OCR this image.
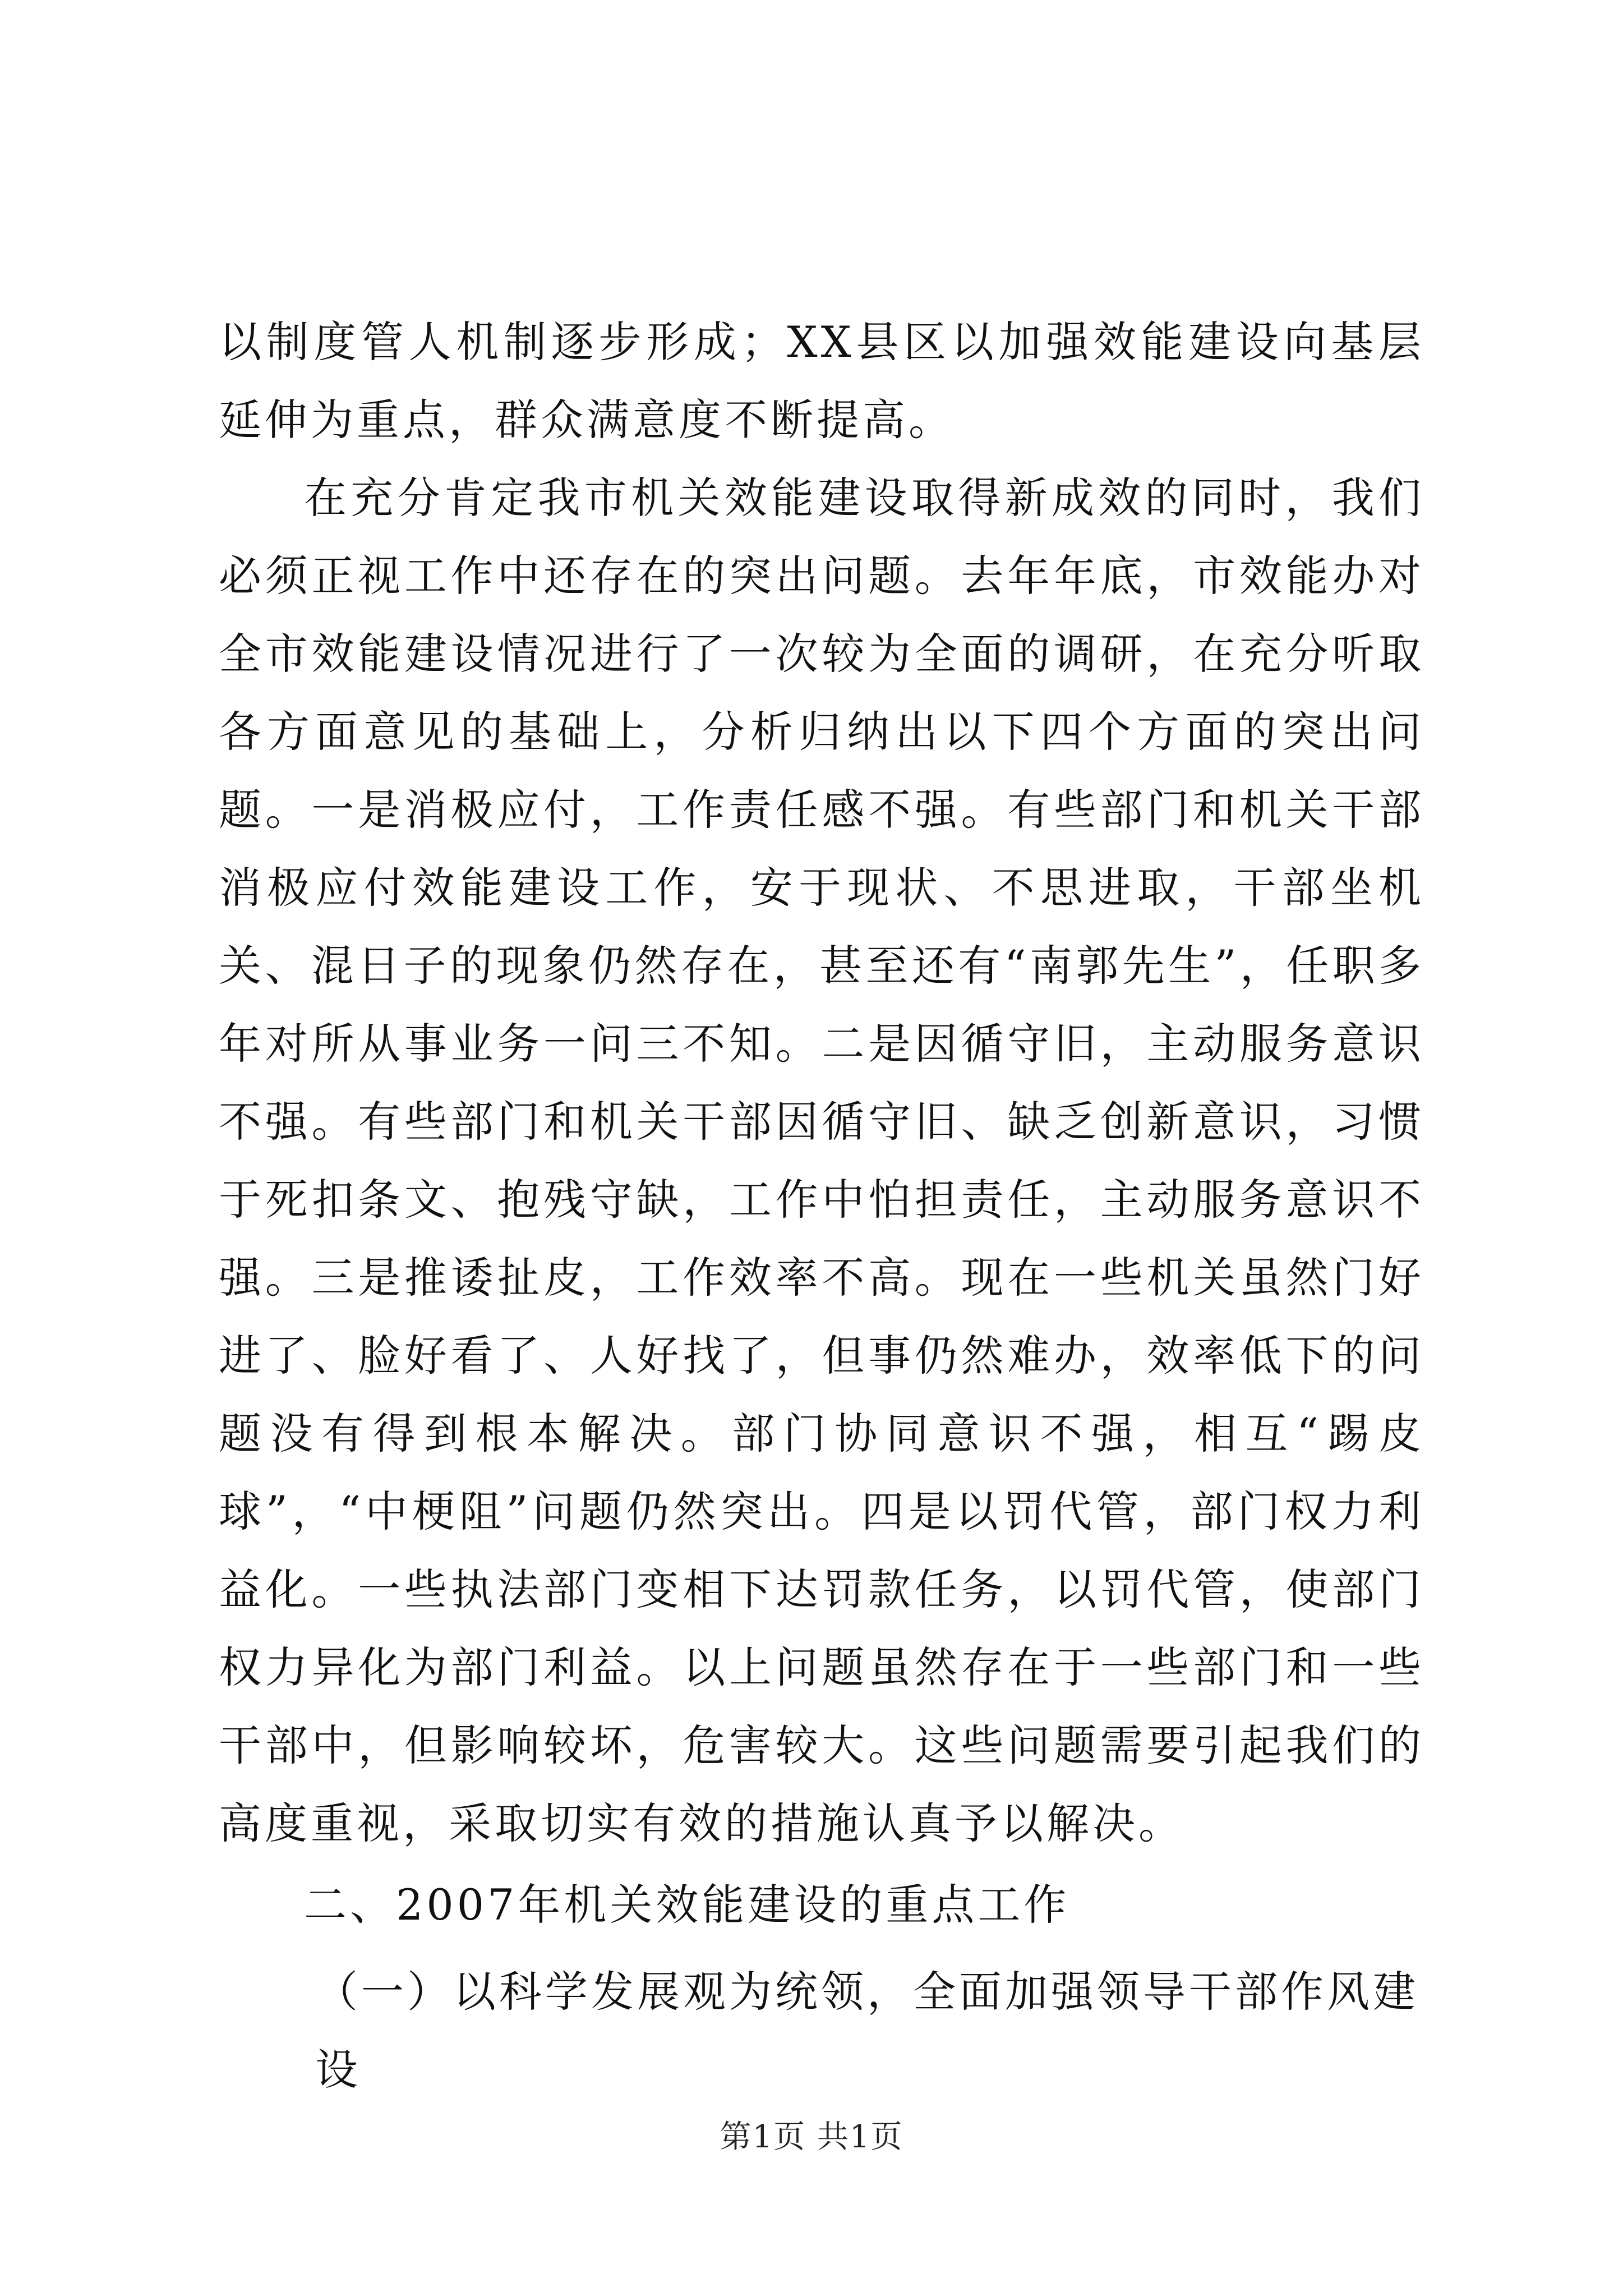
以制度管人机制逐步形成；XX县区以加强效能建设向基层延伸为重点，群众满意度不断提高。

在充分肯定我市机关效能建设取得新成效的同时，我们必须正视工作中还存在的突出问题。去年年底，市效能办对全市效能建设情况进行了一次较为全面的调研，在充分听取各方面意见的基础上，分析归纳出以下四个方面的突出问题。一是消极应付，工作责任感不强。有些部门和机关干部消极应付效能建设工作，安于现状、不思进取，干部坐机关、混日子的现象仍然存在，甚至还有“南郭先生”，任职多年对所从事业务一问三不知。二是因循守旧，主动服务意识不强。有些部门和机关干部因循守旧、缺乏创新意识，习惯于死扣条文、抱残守缺，工作中怕担责任，主动服务意识不强。三是推诿扯皮，工作效率不高。现在一些机关虽然门好进了、脸好看了、人好找了，但事仍然难办，效率低下的问题没有得到根本解决。部门协同意识不强，相互“踢皮球”，“中梗阻”问题仍然突出。四是以罚代管，部门权力利益化。一些执法部门变相下达罚款任务，以罚代管，使部门权力异化为部门利益。以上问题虽然存在于一些部门和一些干部中，但影响较坏，危害较大。这些问题需要引起我们的高度重视，采取切实有效的措施认真予以解决。

二、2007年机关效能建设的重点工作

（一）以科学发展观为统领，全面加强领导干部作风建设

第1页 共1页
